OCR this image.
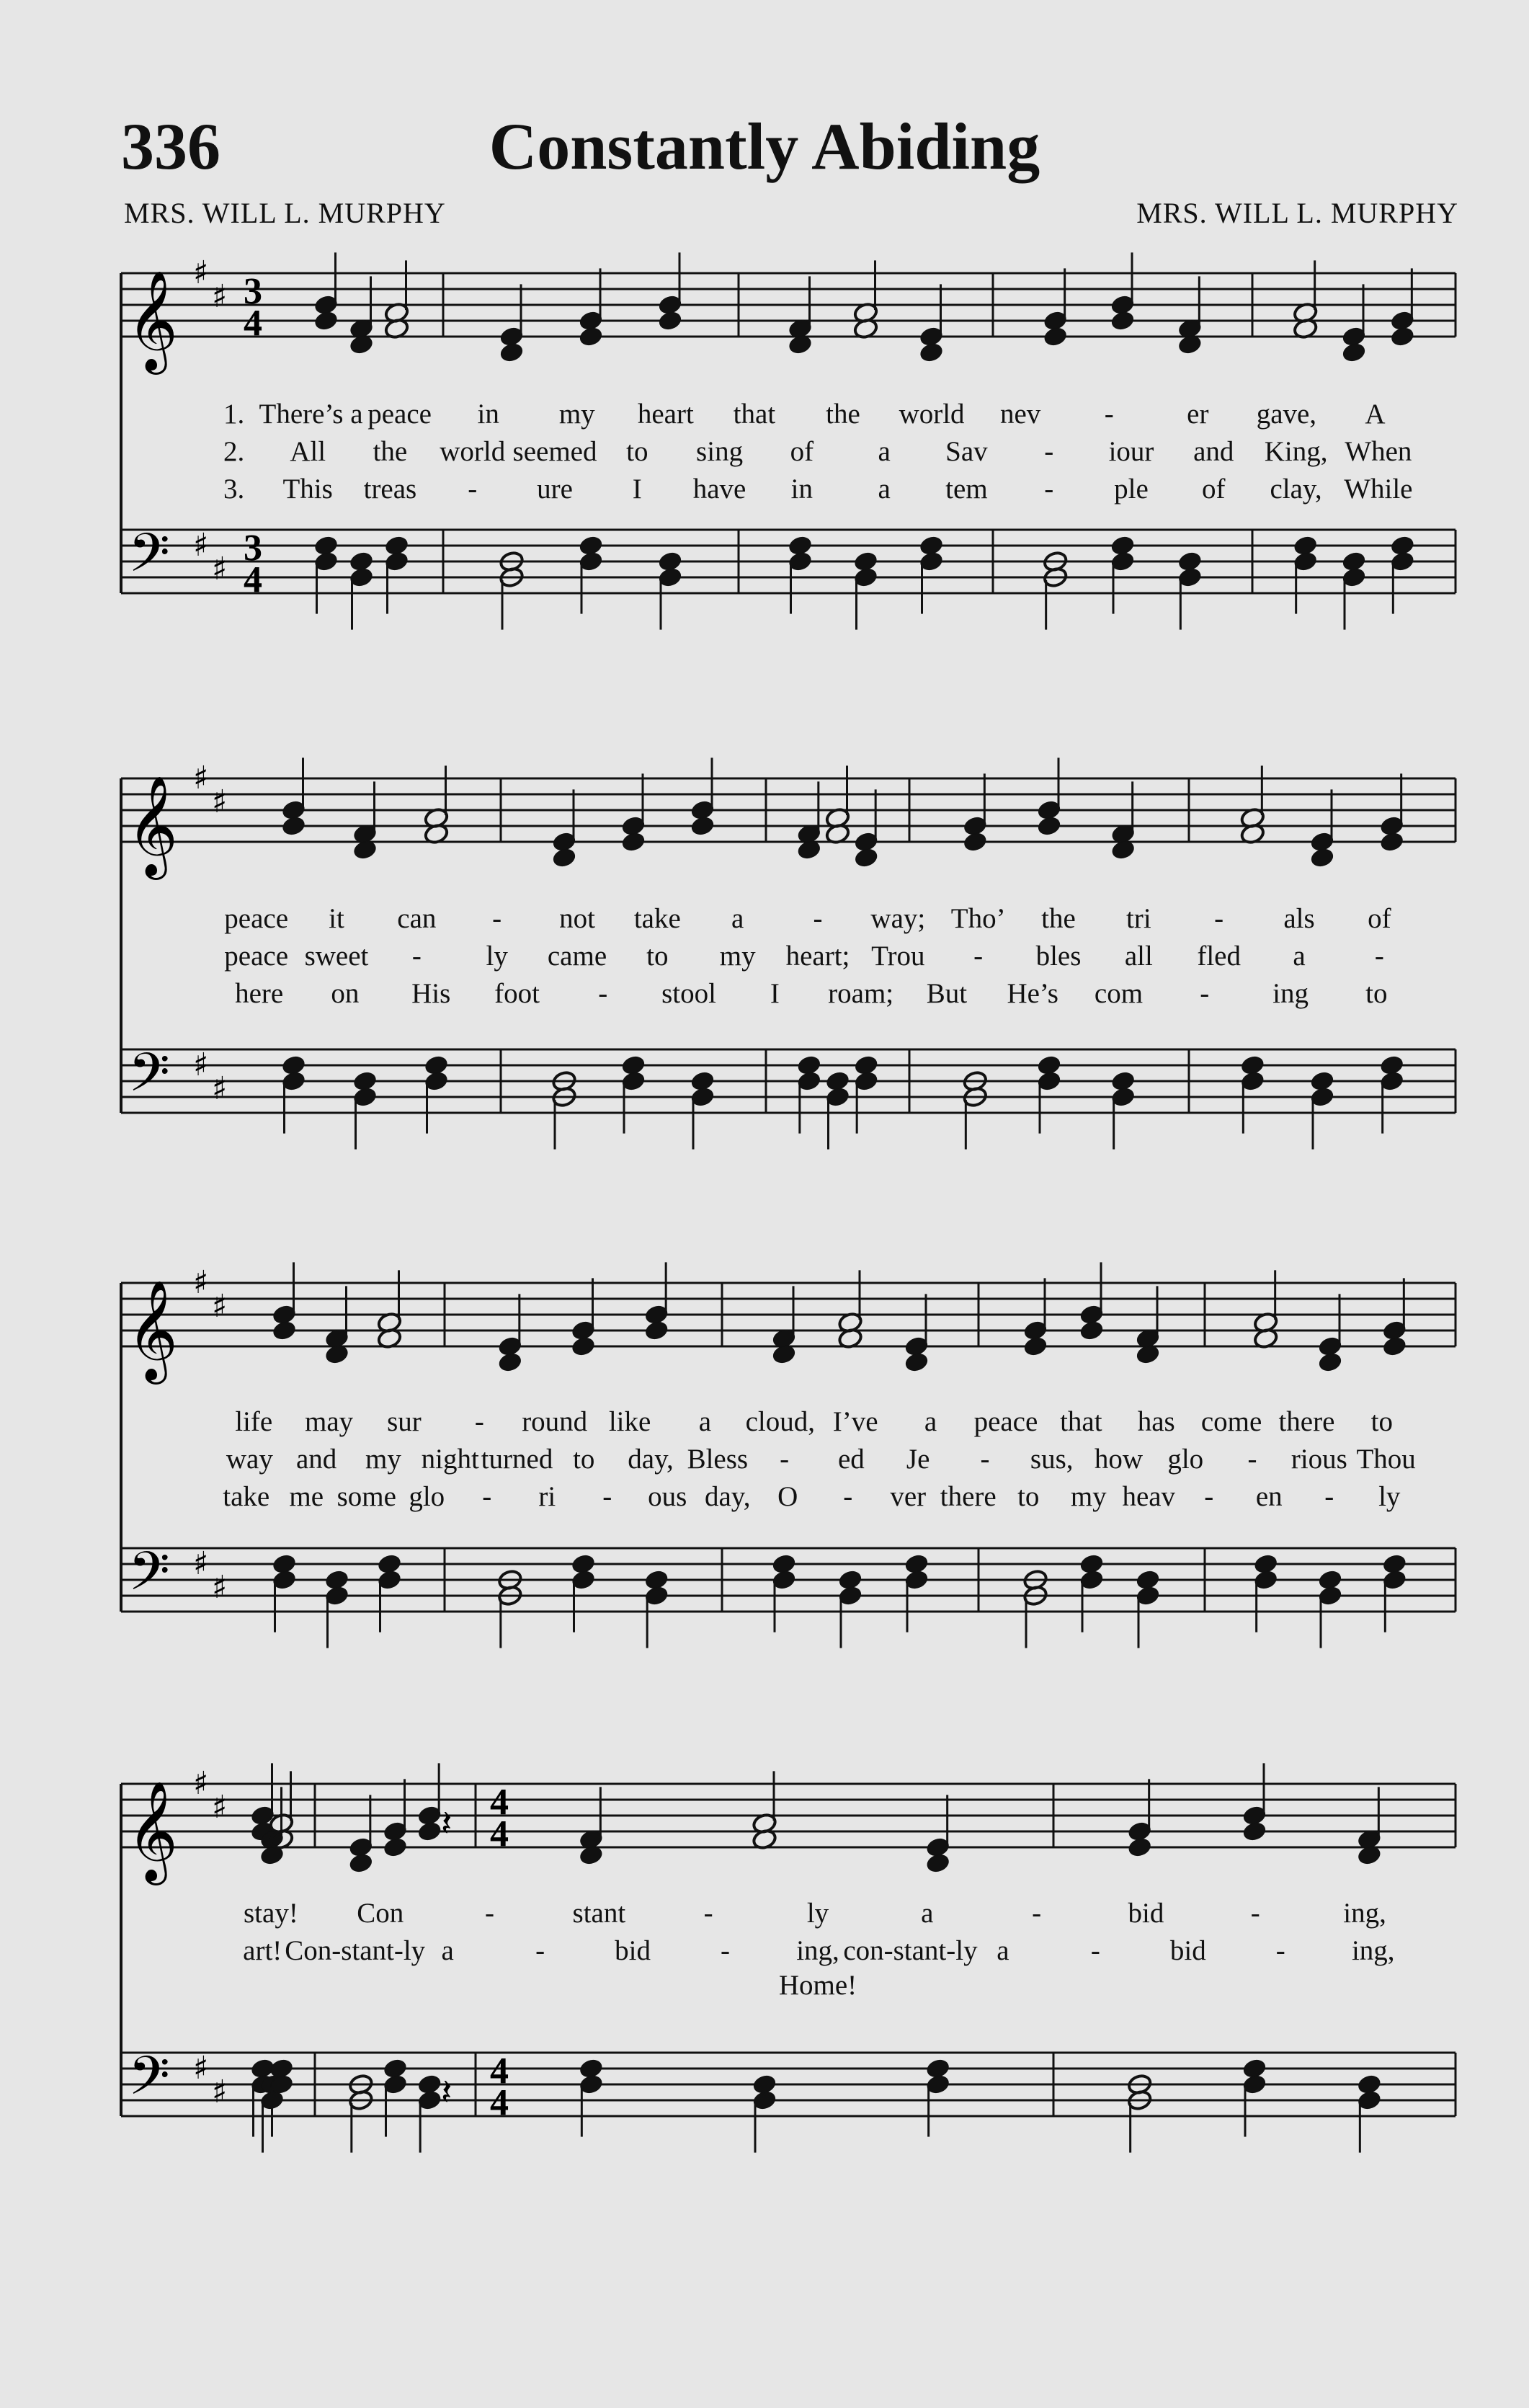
336	Constantly Abiding
MRS. WILL L. MURPHY	MRS. WILL L. MURPHY
𝄞
𝄢
♯
♯
♯
♯
3
4
3
4
𝄞
𝄢
♯
♯
♯
♯
𝄞
𝄢
♯
♯
♯
♯
𝄞
𝄢
♯
♯
♯
♯
4
4
4
4
𝄽
𝄽
1. There’s a peace in my heart that the world nev -	er gave, A
2. All the world seemed to sing of a Sav - iour and King, When
3. This treas - ure I have in a tem - ple of clay, While
peace it can - not take a - way; Tho’ the tri - als of
peace sweet - ly came to my heart; Trou - bles all fled a -
here on His foot - stool I roam; But He’s com - ing to
life may sur - round like a cloud, I’ve a peace that has come there to
way and my night turned to day, Bless - ed Je - sus, how glo - rious Thou
take me some glo - ri - ous day, O - ver there to my heav - en - ly
stay! Con	-	stant	-	ly	a	-	bid	-	ing,
art! Con-stant-ly a	- bid - ing, con-stant-ly a	- bid - ing,
Home!
